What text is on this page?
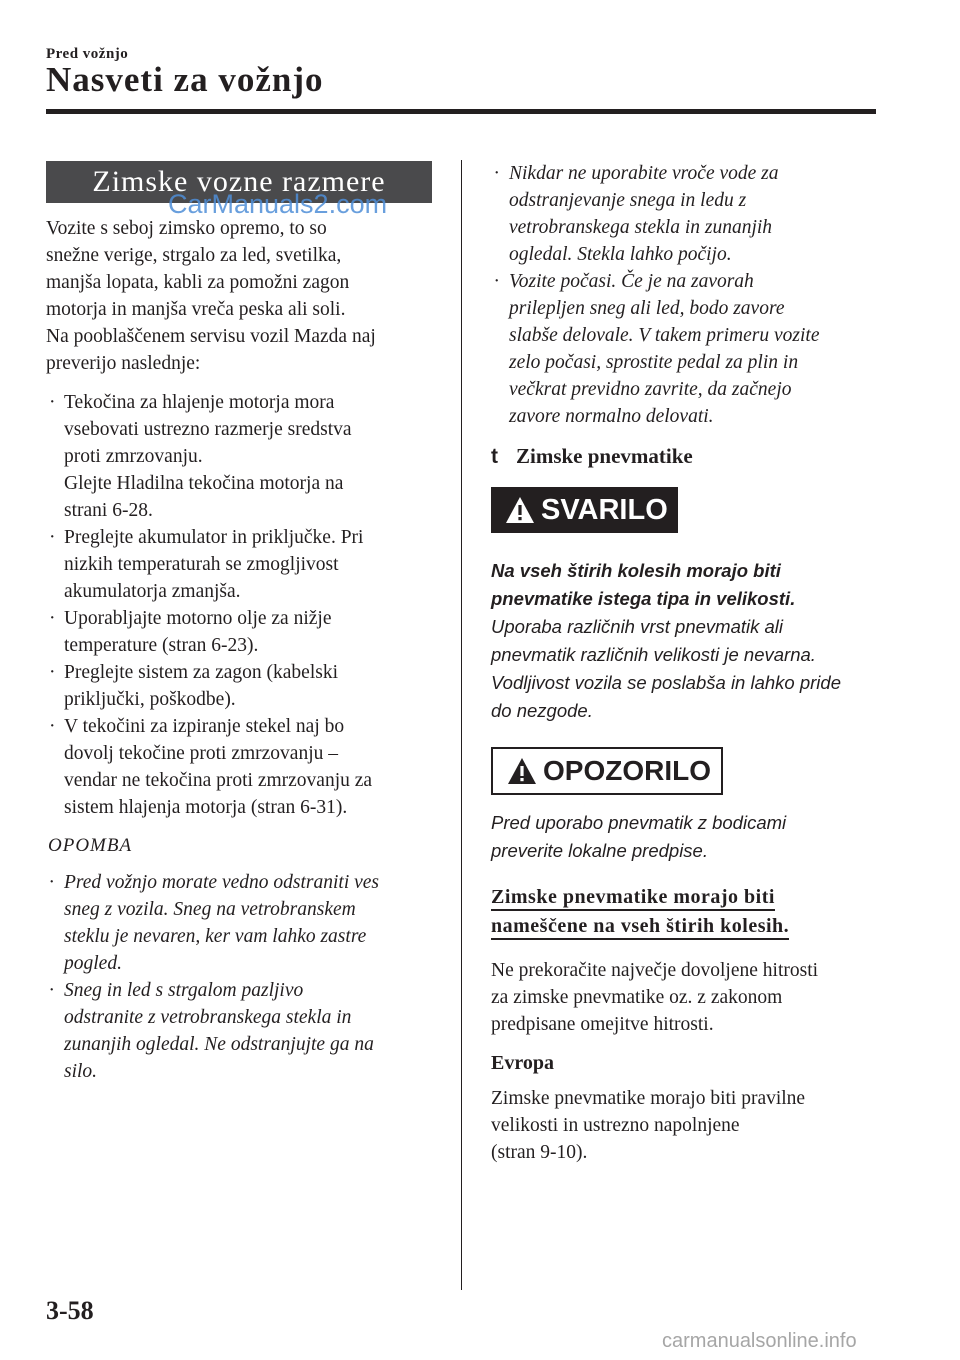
Pred vožnjo
Nasveti za vožnjo
Zimske vozne razmere
CarManuals2.com

Vozite s seboj zimsko opremo, to so
snežne verige, strgalo za led, svetilka,
manjša lopata, kabli za pomožni zagon
motorja in manjša vreča peska ali soli.
Na pooblaščenem servisu vozil Mazda naj
preverijo naslednje:

· Tekočina za hlajenje motorja mora
vsebovati ustrezno razmerje sredstva
proti zmrzovanju.
Glejte Hladilna tekočina motorja na
strani 6-28.
· Preglejte akumulator in priključke. Pri
nizkih temperaturah se zmogljivost
akumulatorja zmanjša.
· Uporabljajte motorno olje za nižje
temperature (stran 6-23).
· Preglejte sistem za zagon (kabelski
priključki, poškodbe).
· V tekočini za izpiranje stekel naj bo
dovolj tekočine proti zmrzovanju –
vendar ne tekočina proti zmrzovanju za
sistem hlajenja motorja (stran 6-31).
OPOMBA
· Pred vožnjo morate vedno odstraniti ves
sneg z vozila. Sneg na vetrobranskem
steklu je nevaren, ker vam lahko zastre
pogled.
· Sneg in led s strgalom pazljivo
odstranite z vetrobranskega stekla in
zunanjih ogledal. Ne odstranjujte ga na
silo.
· Nikdar ne uporabite vroče vode za
odstranjevanje snega in ledu z
vetrobranskega stekla in zunanjih
ogledal. Stekla lahko počijo.
· Vozite počasi. Če je na zavorah
prilepljen sneg ali led, bodo zavore
slabše delovale. V takem primeru vozite
zelo počasi, sprostite pedal za plin in
večkrat previdno zavrite, da začnejo
zavore normalno delovati.
t Zimske pnevmatike
SVARILO

Na vseh štirih kolesih morajo biti
pnevmatike istega tipa in velikosti.
Uporaba različnih vrst pnevmatik ali
pnevmatik različnih velikosti je nevarna.
Vodljivost vozila se poslabša in lahko pride
do nezgode.

OPOZORILO

Pred uporabo pnevmatik z bodicami
preverite lokalne predpise.

Zimske pnevmatike morajo biti
nameščene na vseh štirih kolesih.

Ne prekoračite največje dovoljene hitrosti
za zimske pnevmatike oz. z zakonom
predpisane omejitve hitrosti.

Evropa

Zimske pnevmatike morajo biti pravilne
velikosti in ustrezno napolnjene
(stran 9-10).

3-58
carmanualsonline.info
